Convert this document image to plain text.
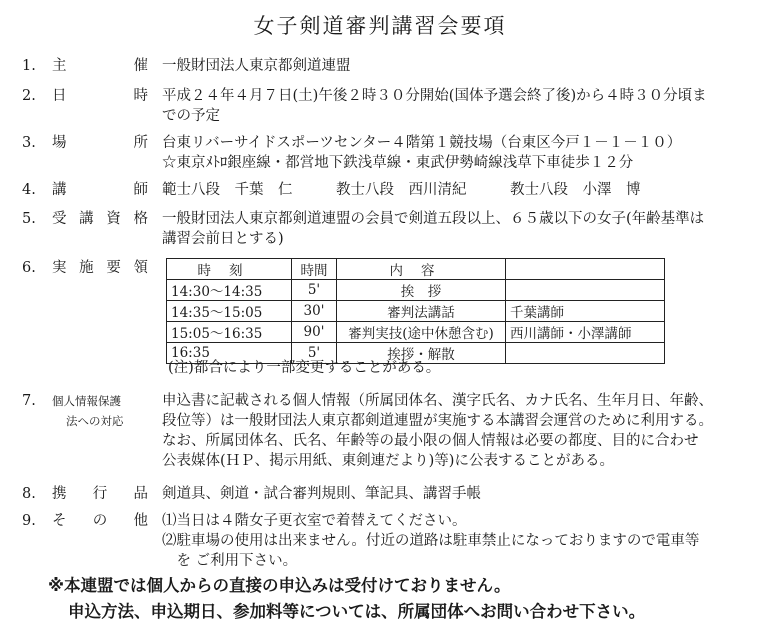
女子剣道審判講習会要項
1.	主　催 一般財団法人東京都剣道連盟
2.	日　時 平成２４年４月７日(土)午後２時３０分開始(国体予選会終了後)から４時３０分頃ま
での予定
3.	場　所 台東リバーサイドスポーツセンター４階第１競技場（台東区今戸１－１－１０）
☆東京ﾒﾄﾛ銀座線・都営地下鉄浅草線・東武伊勢崎線浅草下車徒歩１２分
4.	講　師 範士八段　千葉　仁　　　教士八段　西川清紀　　　教士八段　小澤　博
5.	受講資格 一般財団法人東京都剣道連盟の会員で剣道五段以上、６５歳以下の女子(年齢基準は
講習会前日とする)
6.	実施要領	時刻	時間	内容	
14:30～14:35	5'	挨　拶	
14:35～15:05	30'	審判法講話	千葉講師
15:05～16:35	90'	審判実技(途中休憩含む)	西川講師・小澤講師
16:35	5'	挨拶・解散	
(注)都合により一部変更することがある。
7.	個人情報保護
法への対応
申込書に記載される個人情報（所属団体名、漢字氏名、カナ氏名、生年月日、年齢、
段位等）は一般財団法人東京都剣道連盟が実施する本講習会運営のために利用する。
なお、所属団体名、氏名、年齢等の最小限の個人情報は必要の都度、目的に合わせ
公表媒体(ＨＰ、掲示用紙、東剣連だより)等)に公表することがある。
8.	携行品 剣道具、剣道・試合審判規則、筆記具、講習手帳
9.	その他 ⑴当日は４階女子更衣室で着替えてください。
⑵駐車場の使用は出来ません。付近の道路は駐車禁止になっておりますので電車等
　を ご利用下さい。
※本連盟では個人からの直接の申込みは受付けておりません。
申込方法、申込期日、参加料等については、所属団体へお問い合わせ下さい。
